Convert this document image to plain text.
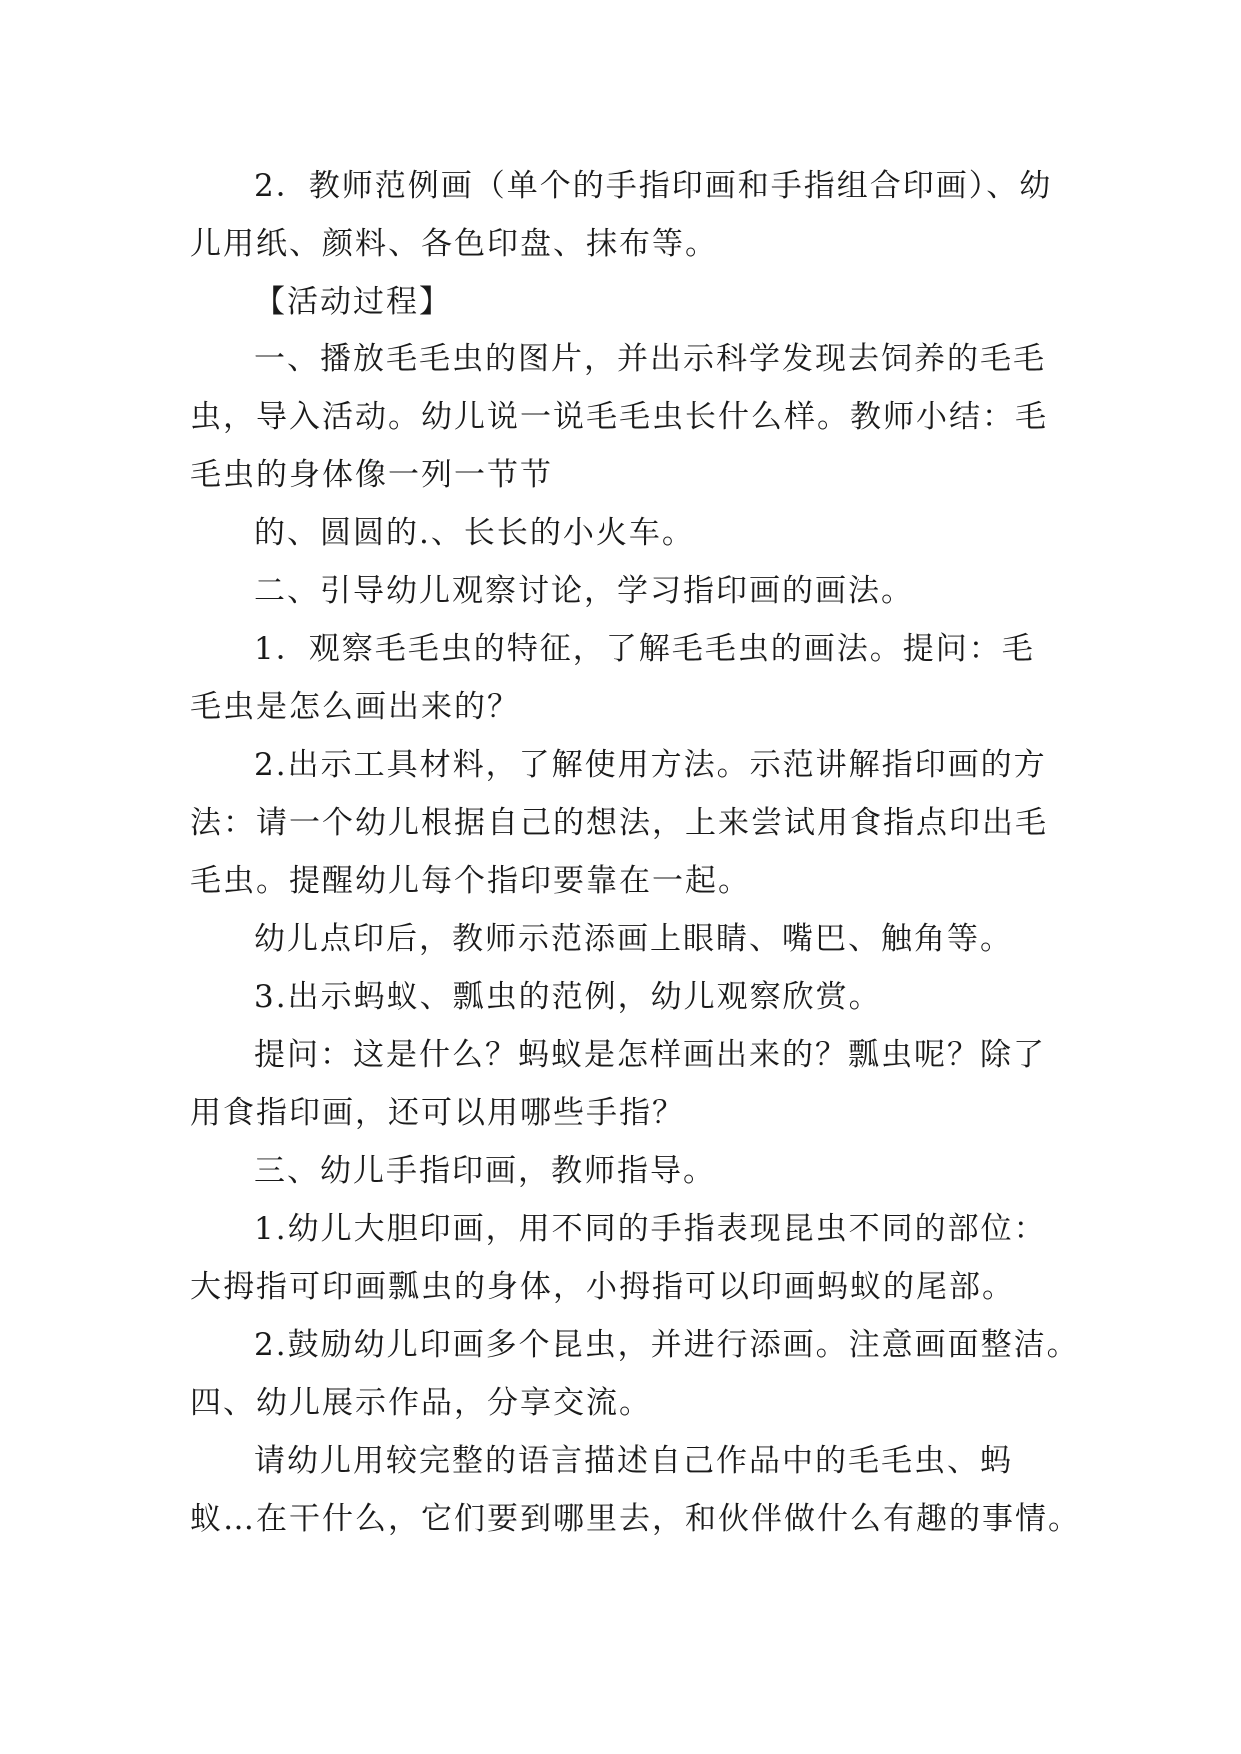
2．教师范例画（单个的手指印画和手指组合印画）、幼
儿用纸、颜料、各色印盘、抹布等。
【活动过程】
一、播放毛毛虫的图片，并出示科学发现去饲养的毛毛
虫，导入活动。幼儿说一说毛毛虫长什么样。教师小结：毛
毛虫的身体像一列一节节
的、圆圆的.、长长的小火车。
二、引导幼儿观察讨论，学习指印画的画法。
1．观察毛毛虫的特征，了解毛毛虫的画法。提问：毛
毛虫是怎么画出来的？
2.出示工具材料，了解使用方法。示范讲解指印画的方
法：请一个幼儿根据自己的想法，上来尝试用食指点印出毛
毛虫。提醒幼儿每个指印要靠在一起。
幼儿点印后，教师示范添画上眼睛、嘴巴、触角等。
3.出示蚂蚁、瓢虫的范例，幼儿观察欣赏。
提问：这是什么？蚂蚁是怎样画出来的？瓢虫呢？除了
用食指印画，还可以用哪些手指？
三、幼儿手指印画，教师指导。
1.幼儿大胆印画，用不同的手指表现昆虫不同的部位：
大拇指可印画瓢虫的身体，小拇指可以印画蚂蚁的尾部。
2.鼓励幼儿印画多个昆虫，并进行添画。注意画面整洁。
四、幼儿展示作品，分享交流。
请幼儿用较完整的语言描述自己作品中的毛毛虫、蚂
蚁…在干什么，它们要到哪里去，和伙伴做什么有趣的事情。
